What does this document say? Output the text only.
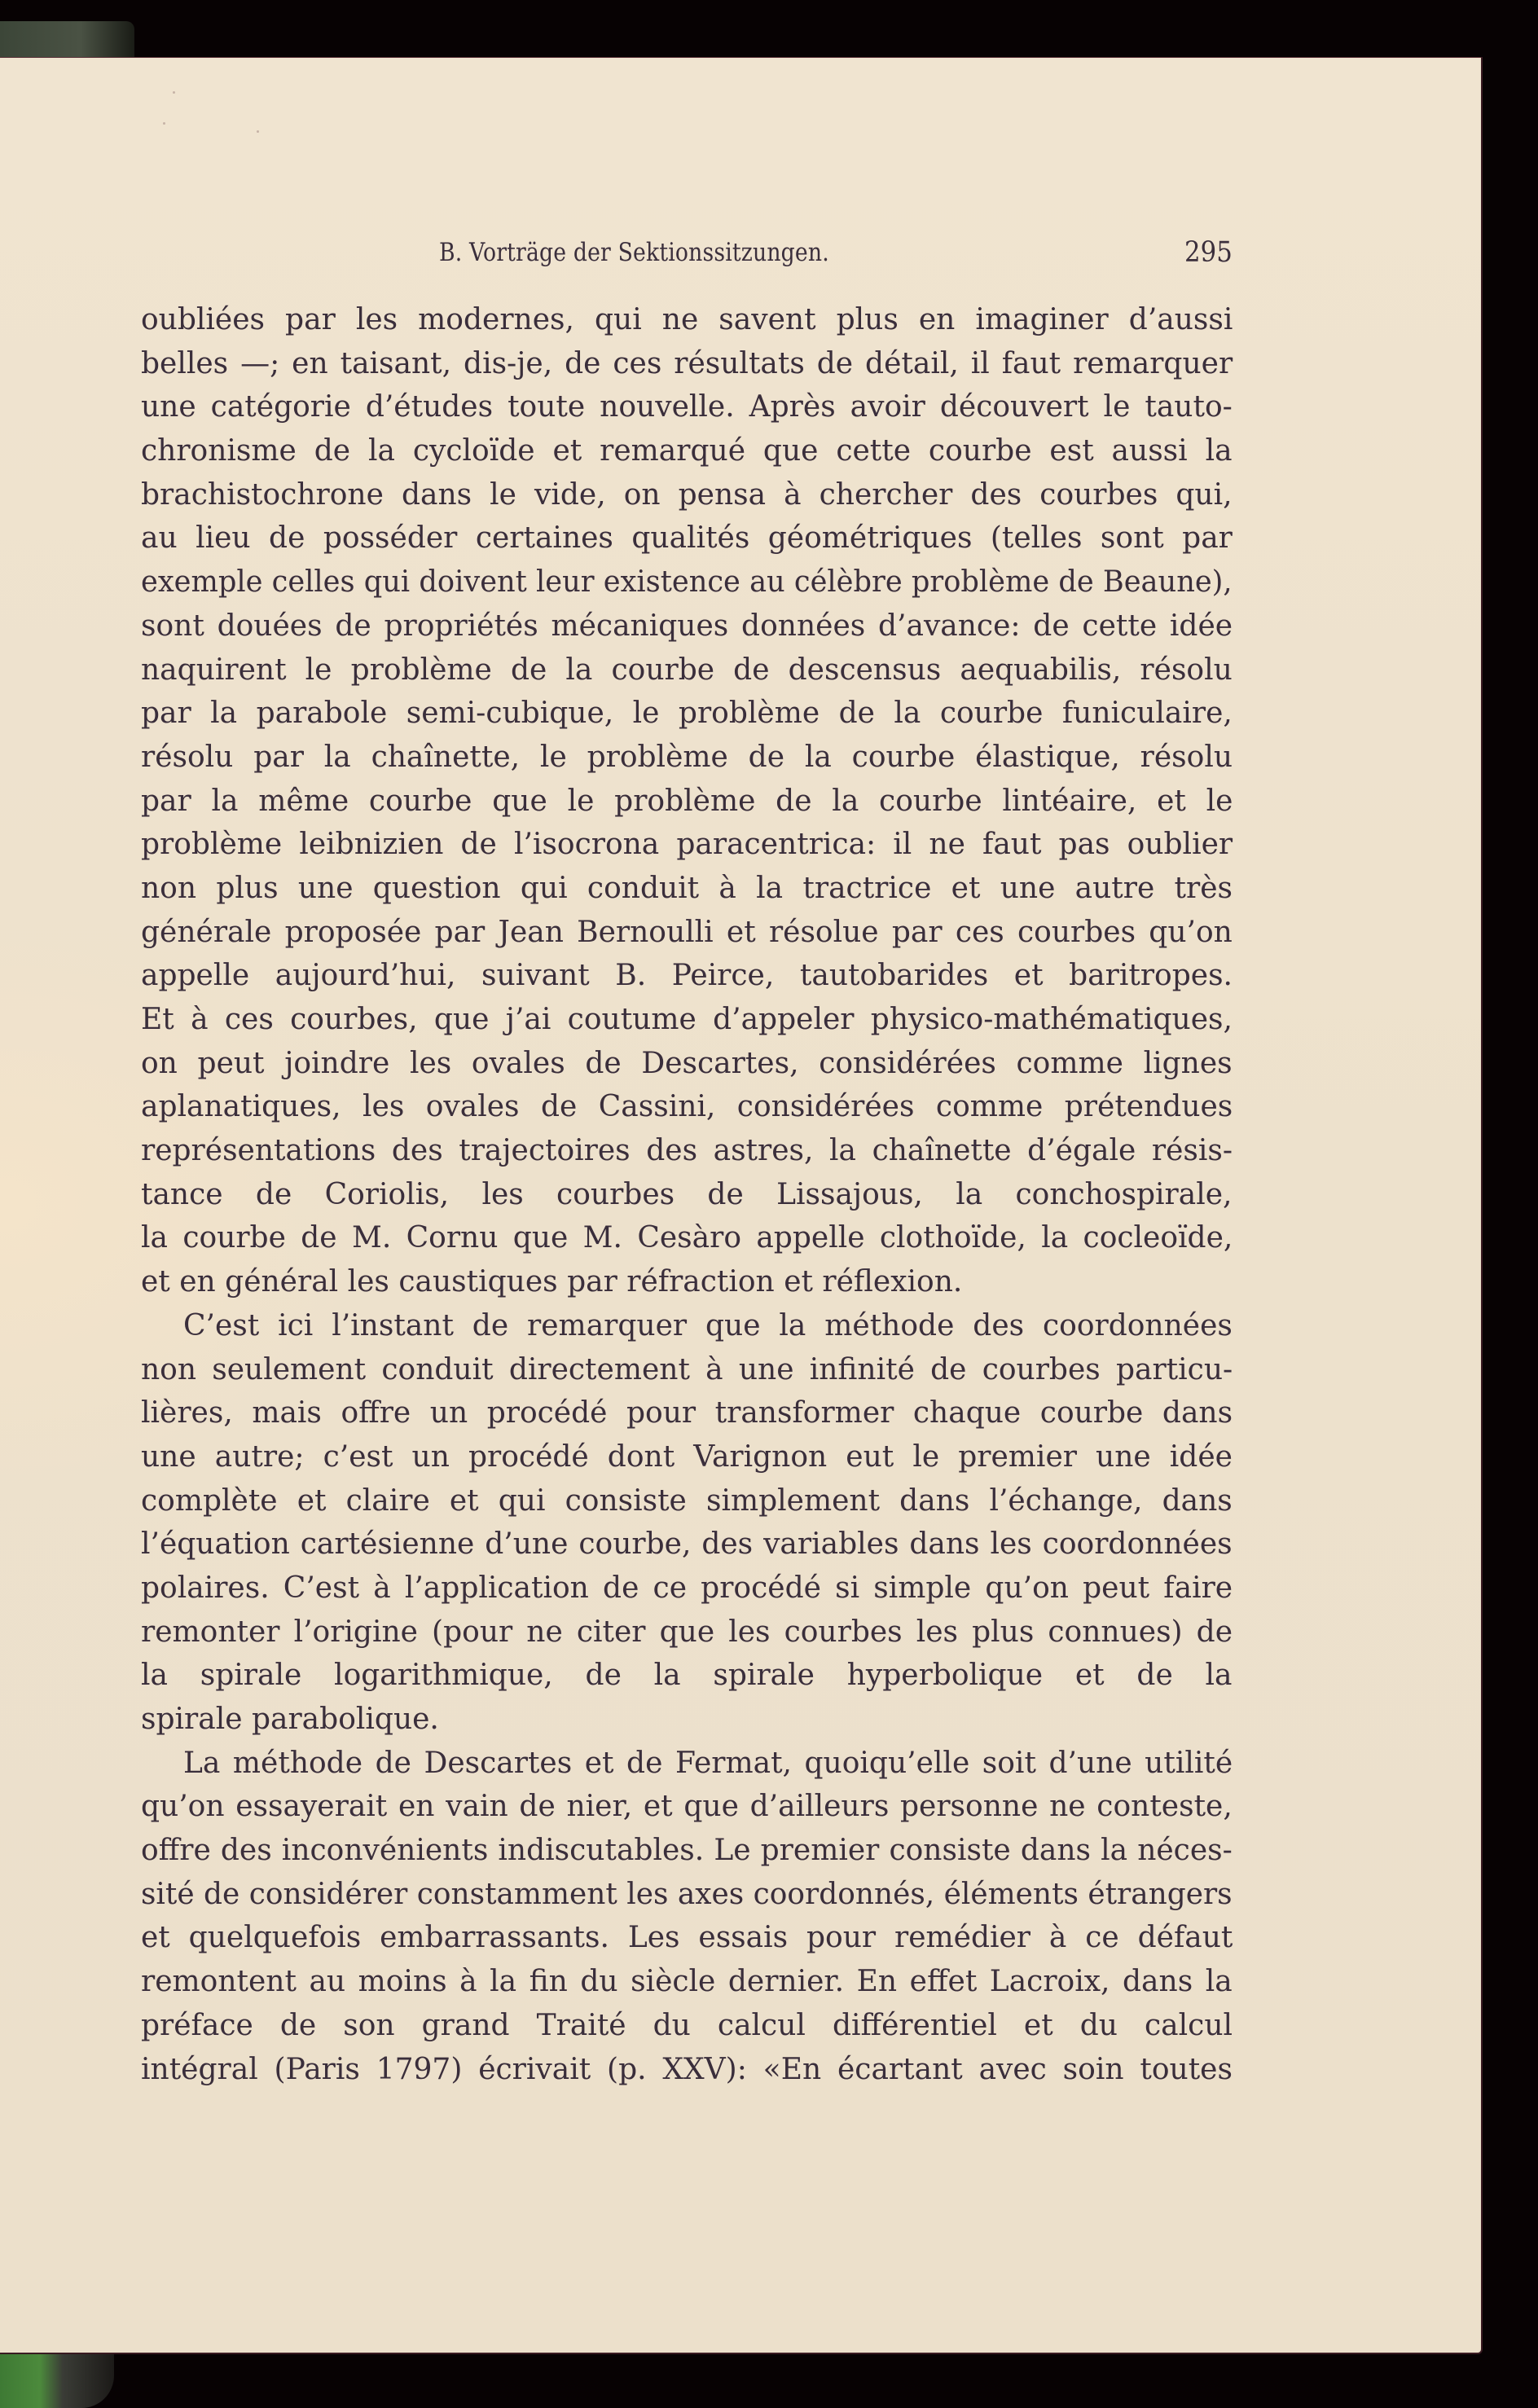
B. Vorträge der Sektionssitzungen.	295
oubliées par les modernes, qui ne savent plus en imaginer d’aussi
belles —; en taisant, dis-je, de ces résultats de détail, il faut remarquer
une catégorie d’études toute nouvelle. Après avoir découvert le tauto-
chronisme de la cycloïde et remarqué que cette courbe est aussi la
brachistochrone dans le vide, on pensa à chercher des courbes qui,
au lieu de posséder certaines qualités géométriques (telles sont par
exemple celles qui doivent leur existence au célèbre problème de Beaune),
sont douées de propriétés mécaniques données d’avance: de cette idée
naquirent le problème de la courbe de descensus aequabilis, résolu
par la parabole semi-cubique, le problème de la courbe funiculaire,
résolu par la chaînette, le problème de la courbe élastique, résolu
par la même courbe que le problème de la courbe lintéaire, et le
problème leibnizien de l’isocrona paracentrica: il ne faut pas oublier
non plus une question qui conduit à la tractrice et une autre très
générale proposée par Jean Bernoulli et résolue par ces courbes qu’on
appelle aujourd’hui, suivant B. Peirce, tautobarides et baritropes.
Et à ces courbes, que j’ai coutume d’appeler physico-mathématiques,
on peut joindre les ovales de Descartes, considérées comme lignes
aplanatiques, les ovales de Cassini, considérées comme prétendues
représentations des trajectoires des astres, la chaînette d’égale résis-
tance de Coriolis, les courbes de Lissajous, la conchospirale,
la courbe de M. Cornu que M. Cesàro appelle clothoïde, la cocleoïde,
et en général les caustiques par réfraction et réflexion.
C’est ici l’instant de remarquer que la méthode des coordonnées
non seulement conduit directement à une infinité de courbes particu-
lières, mais offre un procédé pour transformer chaque courbe dans
une autre; c’est un procédé dont Varignon eut le premier une idée
complète et claire et qui consiste simplement dans l’échange, dans
l’équation cartésienne d’une courbe, des variables dans les coordonnées
polaires. C’est à l’application de ce procédé si simple qu’on peut faire
remonter l’origine (pour ne citer que les courbes les plus connues) de
la spirale logarithmique, de la spirale hyperbolique et de la
spirale parabolique.
La méthode de Descartes et de Fermat, quoiqu’elle soit d’une utilité
qu’on essayerait en vain de nier, et que d’ailleurs personne ne conteste,
offre des inconvénients indiscutables. Le premier consiste dans la néces-
sité de considérer constamment les axes coordonnés, éléments étrangers
et quelquefois embarrassants. Les essais pour remédier à ce défaut
remontent au moins à la fin du siècle dernier. En effet Lacroix, dans la
préface de son grand Traité du calcul différentiel et du calcul
intégral (Paris 1797) écrivait (p. XXV): «En écartant avec soin toutes
